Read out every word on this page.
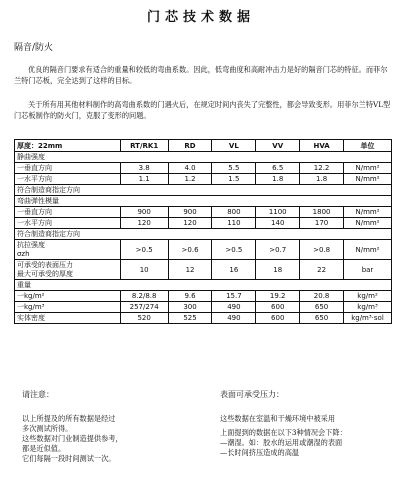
门芯技术数据
隔音/防火

优良的隔音门要求有适合的重量和较低的弯曲系数。因此，低弯曲度和高耐冲击力是好的隔音门芯的特征。而菲尔兰特门芯板，完全达到了这样的目标。

关于所有用其他材料制作的高弯曲系数的门遇火后，在规定时间内丧失了完整性，都会导致变形。用菲尔兰特VL型门芯板制作的防火门，克服了变形的问题。

厚度：22mm	RT/RK1	RD	VL	VV	HVA	单位
静曲强度						
一垂直方向	3.8	4.0	5.5	6.5	12.2	N/mm²
一水平方向	1.1	1.2	1.5	1.8	1.8	N/mm²
符合制造商指定方向						
弯曲弹性模量						
一垂直方向	900	900	800	1100	1800	N/mm²
一水平方向	120	120	110	140	170	N/mm²
符合制造商指定方向						

抗拉强度
σzh	>0.5	>0.6	>0.5	>0.7	>0.8	N/mm²

可承受的表面压力
最大可承受的厚度	10	12	16	18	22	bar
重量						
一kg/m²	8.2/8.8	9.6	15.7	19.2	20.8	kg/m²
一kg/m³	257/274	300	490	600	650	kg/m³
实体密度	520	525	490	600	650	kg/m³·sol
请注意：
以上所提及的所有数据是经过
多次测试所得。
这些数据对门业制造提供参考，
都是近似值。
它们每隔一段时间测试一次。
表面可承受压力：
这些数据在室温和干燥环境中被采用
上面提到的数据在以下3种情况会下降：
—潮湿。如：胶水的运用或潮湿的表面
—长时间挤压造成的高温
